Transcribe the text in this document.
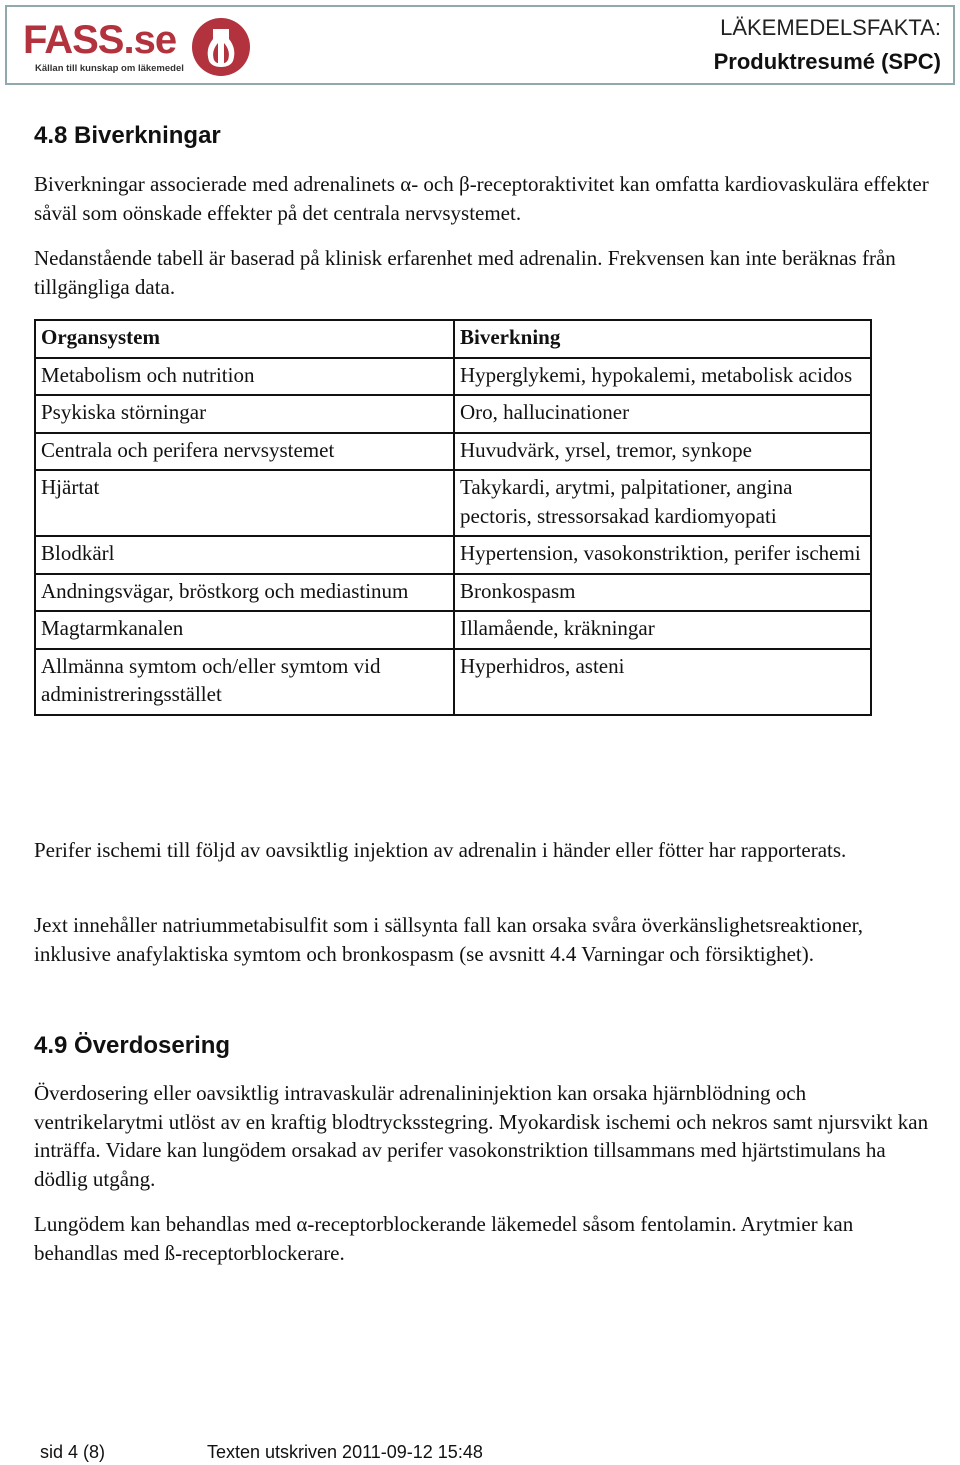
FASS.se
Källan till kunskap om läkemedel
LÄKEMEDELSFAKTA:
Produktresumé (SPC)
4.8 Biverkningar

Biverkningar associerade med adrenalinets α- och β-receptoraktivitet kan omfatta kardiovaskulära effekter såväl som oönskade effekter på det centrala nervsystemet.

Nedanstående tabell är baserad på klinisk erfarenhet med adrenalin. Frekvensen kan inte beräknas från tillgängliga data.

Organsystem	Biverkning
Metabolism och nutrition	Hyperglykemi, hypokalemi, metabolisk acidos
Psykiska störningar	Oro, hallucinationer
Centrala och perifera nervsystemet	Huvudvärk, yrsel, tremor, synkope
Hjärtat	Takykardi, arytmi, palpitationer, angina pectoris, stressorsakad kardiomyopati
Blodkärl	Hypertension, vasokonstriktion, perifer ischemi
Andningsvägar, bröstkorg och mediastinum	Bronkospasm
Magtarmkanalen	Illamående, kräkningar
Allmänna symtom och/eller symtom vid administreringsstället	Hyperhidros, asteni

Perifer ischemi till följd av oavsiktlig injektion av adrenalin i händer eller fötter har rapporterats.

Jext innehåller natriummetabisulfit som i sällsynta fall kan orsaka svåra överkänslighetsreaktioner, inklusive anafylaktiska symtom och bronkospasm (se avsnitt 4.4 Varningar och försiktighet).

4.9 Överdosering

Överdosering eller oavsiktlig intravaskulär adrenalininjektion kan orsaka hjärnblödning och ventrikelarytmi utlöst av en kraftig blodtrycksstegring. Myokardisk ischemi och nekros samt njursvikt kan inträffa. Vidare kan lungödem orsakad av perifer vasokonstriktion tillsammans med hjärtstimulans ha dödlig utgång.

Lungödem kan behandlas med α-receptorblockerande läkemedel såsom fentolamin. Arytmier kan behandlas med ß-receptorblockerare.

sid 4 (8)	Texten utskriven 2011-09-12 15:48
